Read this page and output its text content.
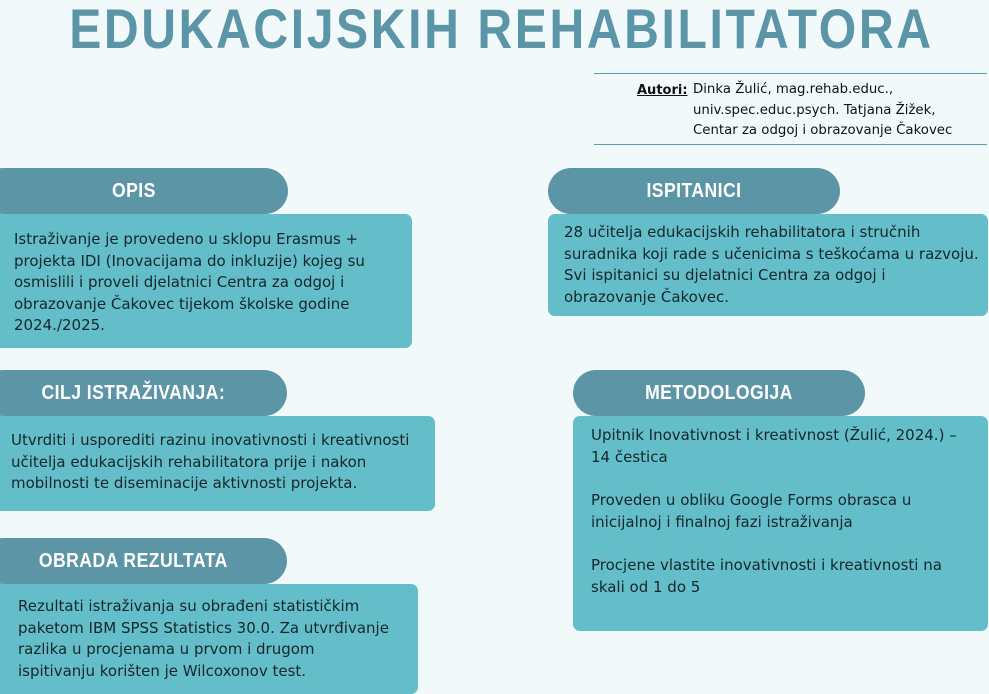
EDUKACIJSKIH REHABILITATORA
Autori: Dinka Žulić, mag.rehab.educ.,
univ.spec.educ.psych. Tatjana Žižek,
Centar za odgoj i obrazovanje Čakovec
OPIS
Istraživanje je provedeno u sklopu Erasmus +
projekta IDI (Inovacijama do inkluzije) kojeg su
osmislili i proveli djelatnici Centra za odgoj i
obrazovanje Čakovec tijekom školske godine
2024./2025.
ISPITANICI
28 učitelja edukacijskih rehabilitatora i stručnih
suradnika koji rade s učenicima s teškoćama u razvoju.
Svi ispitanici su djelatnici Centra za odgoj i
obrazovanje Čakovec.
CILJ ISTRAŽIVANJA:
Utvrditi i usporediti razinu inovativnosti i kreativnosti
učitelja edukacijskih rehabilitatora prije i nakon
mobilnosti te diseminacije aktivnosti projekta.
METODOLOGIJA

Upitnik Inovativnost i kreativnost (Žulić, 2024.) –
14 čestica

Proveden u obliku Google Forms obrasca u
inicijalnoj i finalnoj fazi istraživanja

Procjene vlastite inovativnosti i kreativnosti na
skali od 1 do 5

OBRADA REZULTATA
Rezultati istraživanja su obrađeni statističkim
paketom IBM SPSS Statistics 30.0. Za utvrđivanje
razlika u procjenama u prvom i drugom
ispitivanju korišten je Wilcoxonov test.
